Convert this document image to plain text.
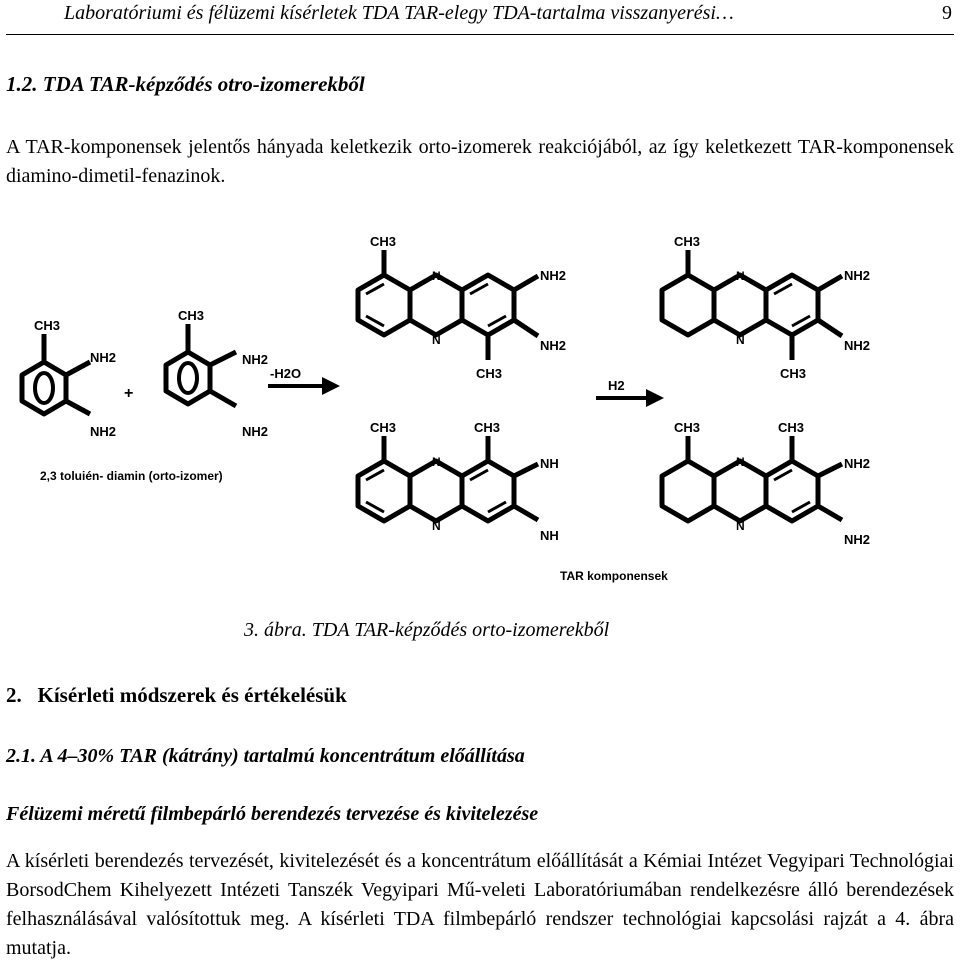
Laboratóriumi és félüzemi kísérletek TDA TAR-elegy TDA-tartalma visszanyerési…	9
1.2. TDA TAR-képződés otro-izomerekből
A TAR-komponensek jelentős hányada keletkezik orto-izomerek reakciójából, az így keletkezett TAR-komponensek diamino-dimetil-fenazinok.
CH3
NH2
NH2
CH3
NH2
NH2
+
-H2O
2,3 toluién- diamin (orto-izomer)
CH3
N
N
NH2
NH2
CH3
CH3	CH3
N
N
NH
NH
H2
CH3
N
N
NH2
NH2
CH3
CH3	CH3
N
N
NH2
NH2
TAR komponensek
3. ábra. TDA TAR-képződés orto-izomerekből
2.   Kísérleti módszerek és értékelésük
2.1. A 4–30% TAR (kátrány) tartalmú koncentrátum előállítása
Félüzemi méretű filmbepárló berendezés tervezése és kivitelezése
A kísérleti berendezés tervezését, kivitelezését és a koncentrátum előállítását a Kémiai Intézet Vegyipari Technológiai BorsodChem Kihelyezett Intézeti Tanszék Vegyipari Mű-veleti Laboratóriumában rendelkezésre álló berendezések felhasználásával valósítottuk meg. A kísérleti TDA filmbepárló rendszer technológiai kapcsolási rajzát a 4. ábra mutatja.
